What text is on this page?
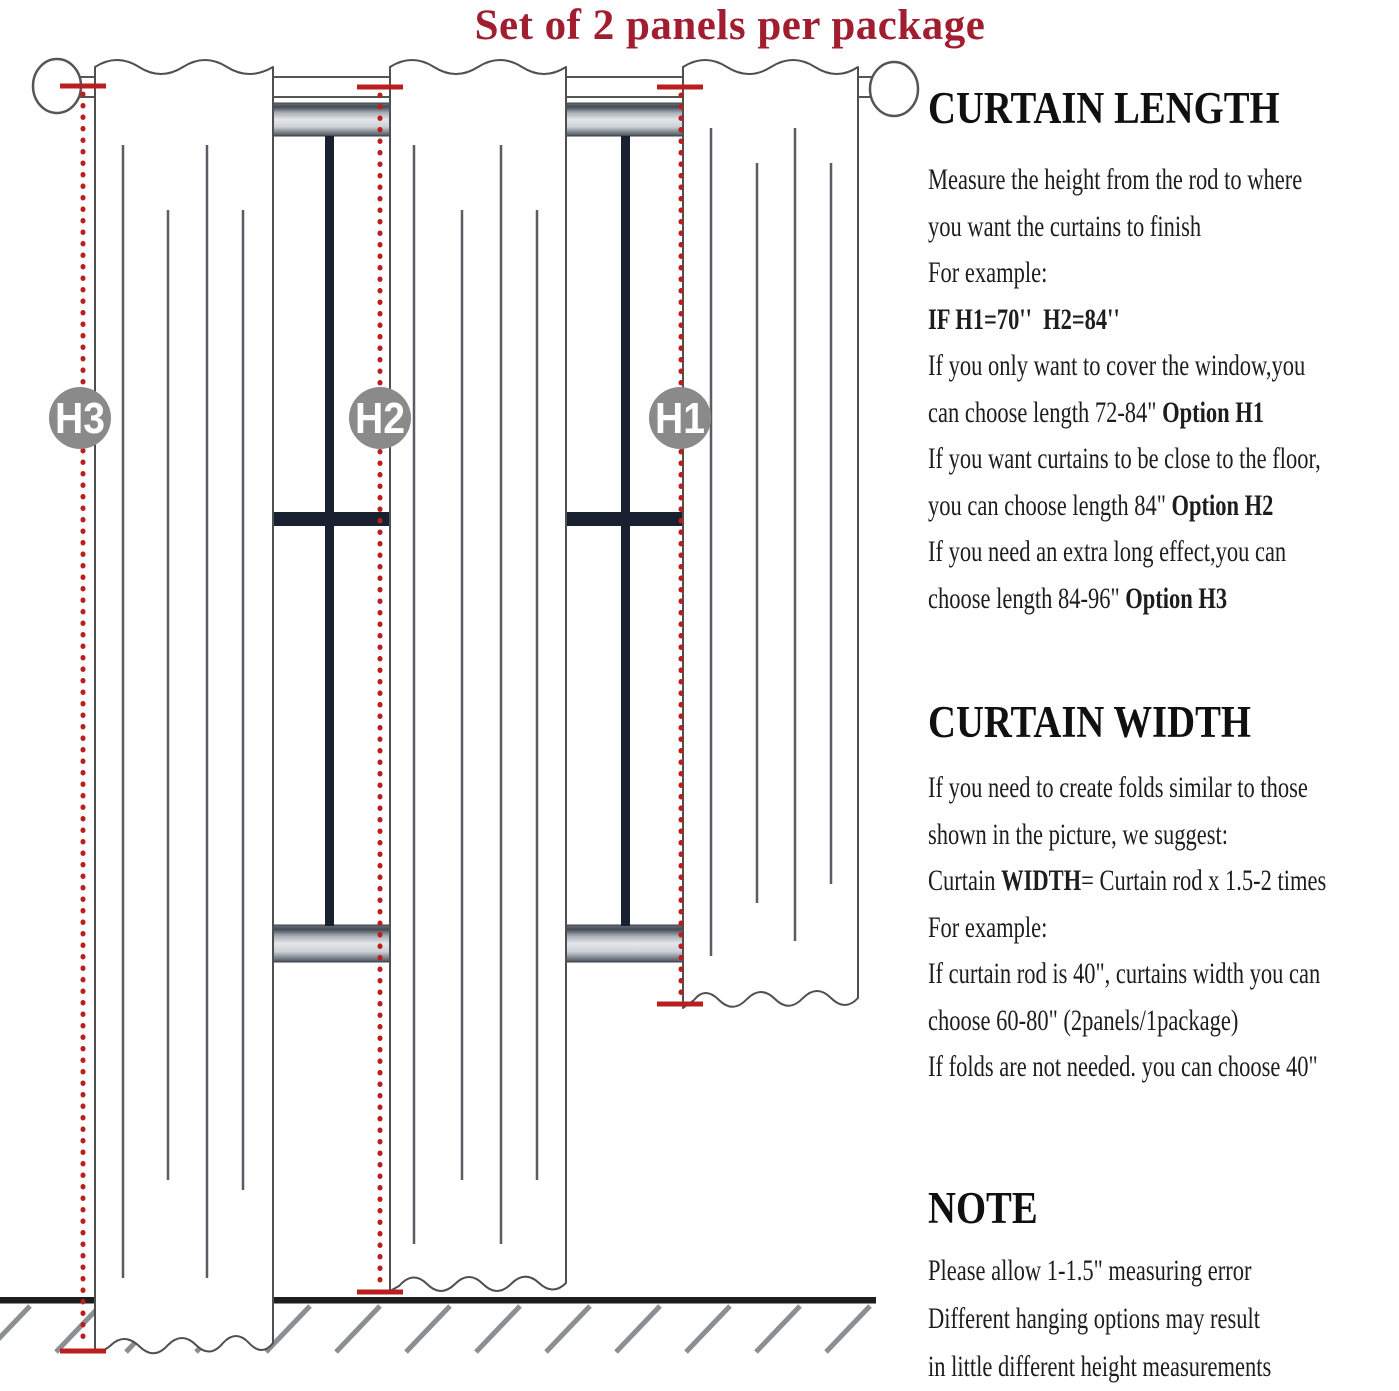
Set of 2 panels per package
H3	H2	H1
CURTAIN LENGTH
Measure the height from the rod to where
you want the curtains to finish
For example:
IF H1=70''  H2=84''
If you only want to cover the window,you
can choose length 72-84" Option H1
If you want curtains to be close to the floor,
you can choose length 84" Option H2
If you need an extra long effect,you can
choose length 84-96" Option H3
CURTAIN WIDTH
If you need to create folds similar to those
shown in the picture, we suggest:
Curtain WIDTH= Curtain rod x 1.5-2 times
For example:
If curtain rod is 40", curtains width you can
choose 60-80" (2panels/1package)
If folds are not needed. you can choose 40"
NOTE
Please allow 1-1.5" measuring error
Different hanging options may result
in little different height measurements
